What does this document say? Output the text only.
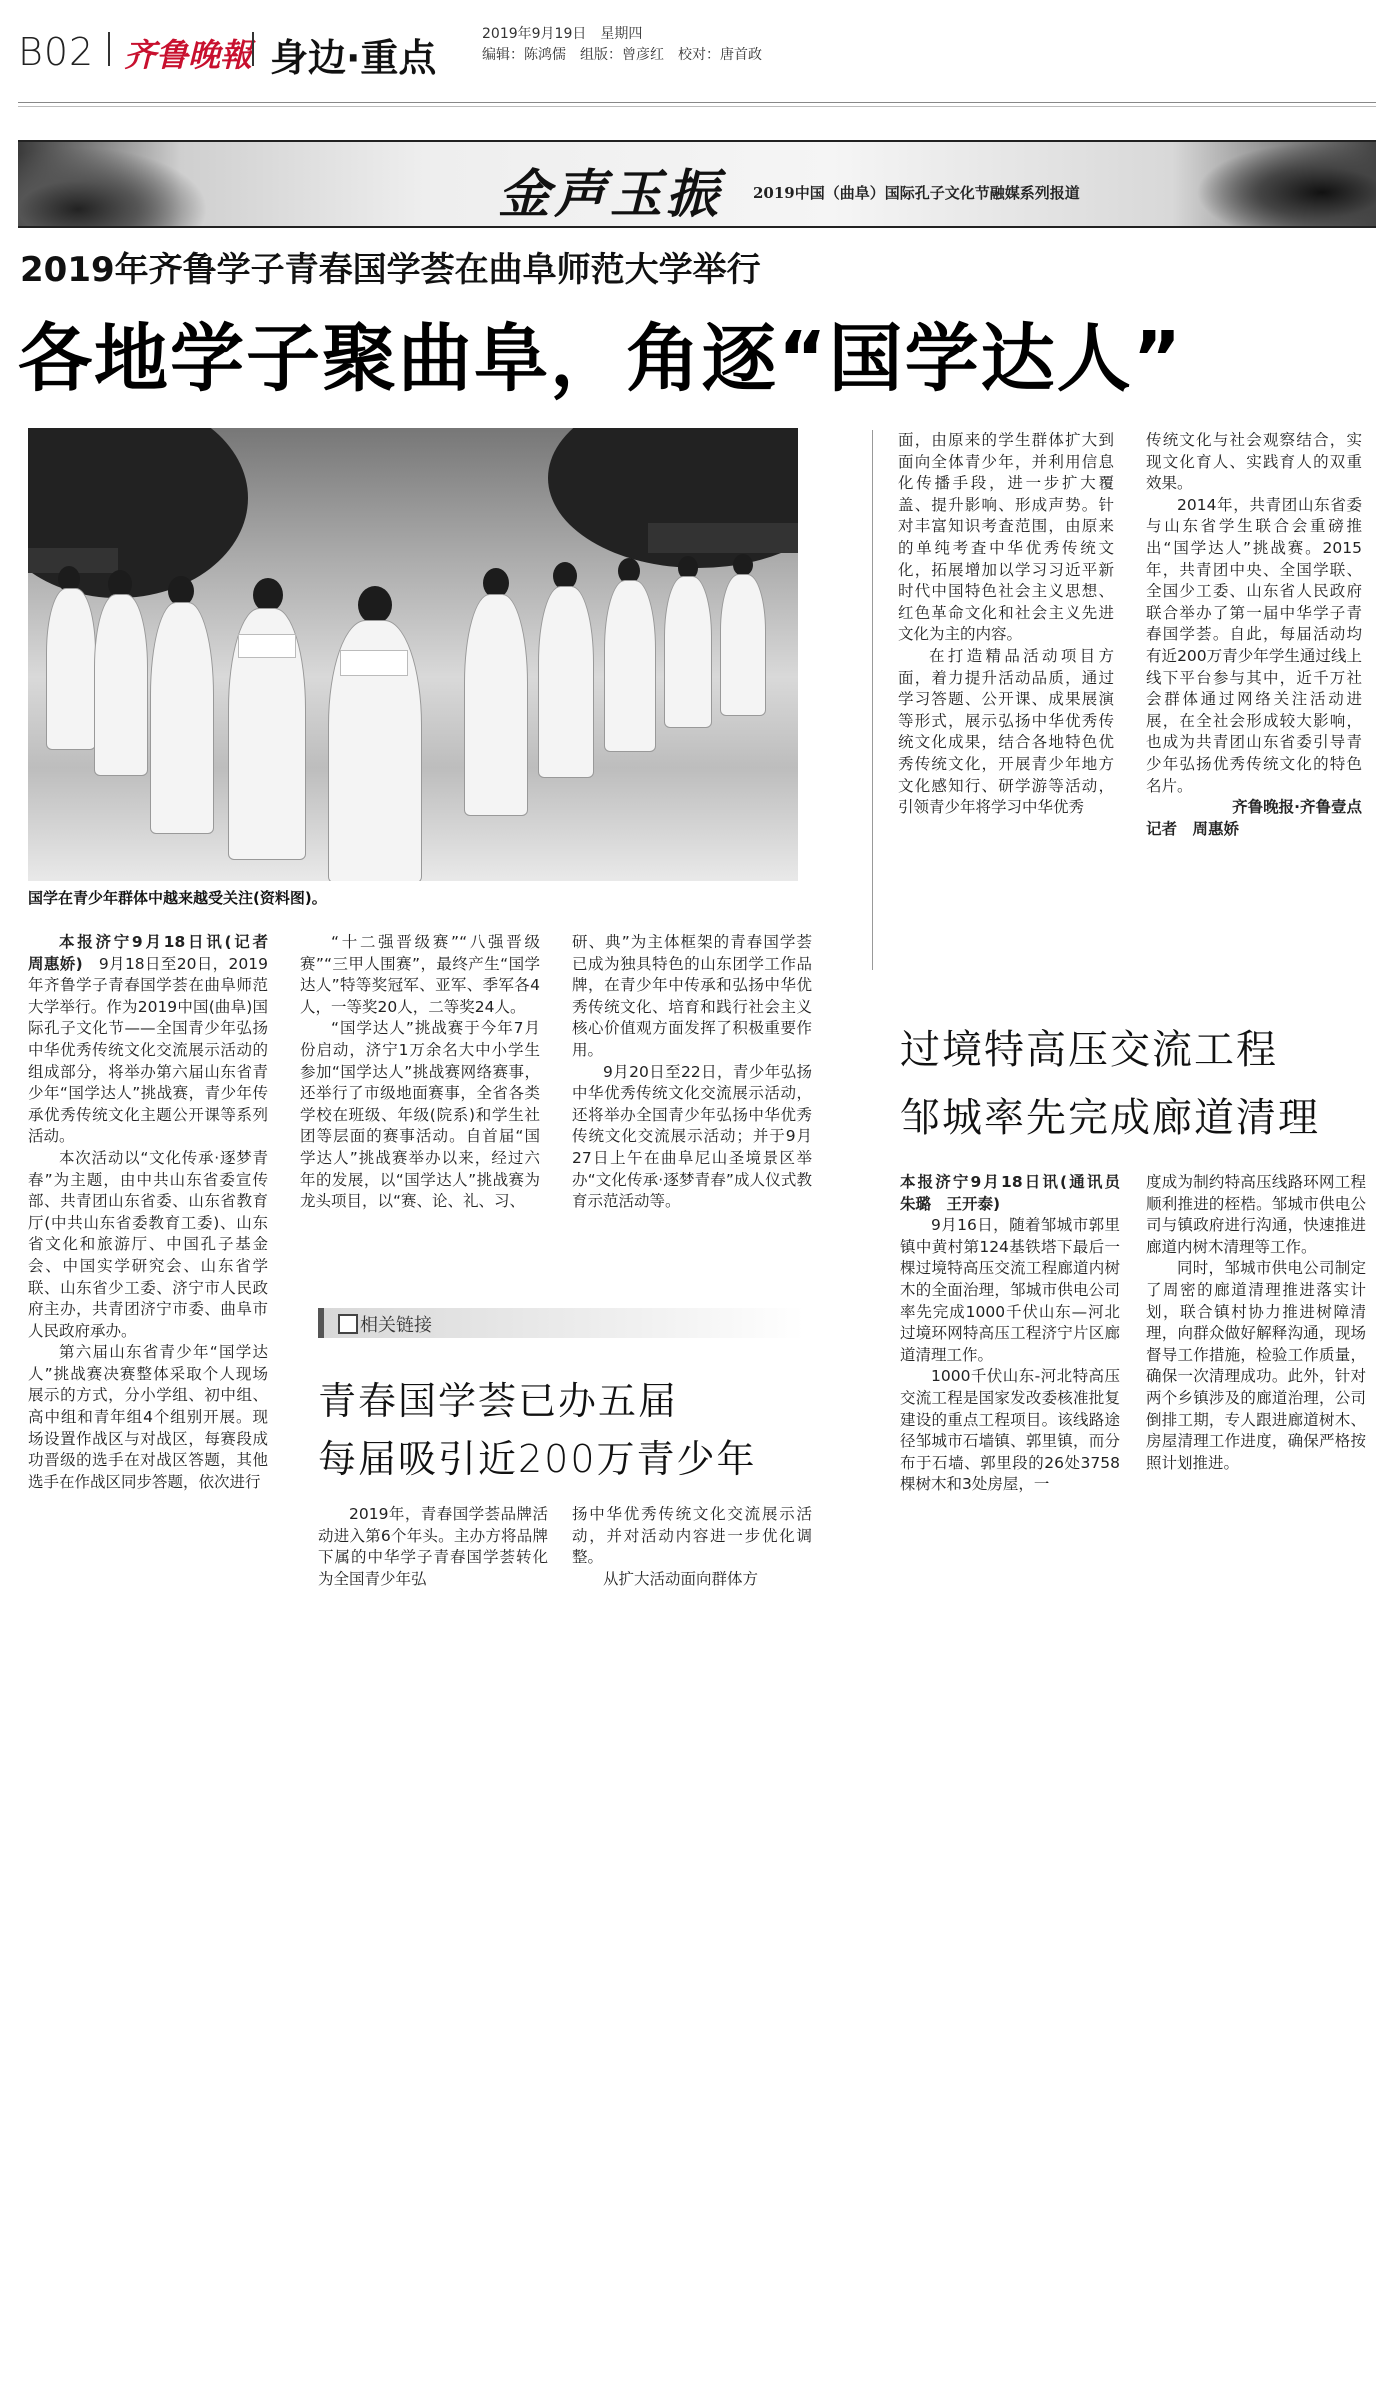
B02 齐鲁晚報 身边·重点
2019年9月19日　星期四
编辑：陈鸿儒　组版：曾彦红　校对：唐首政
金声玉振 2019中国（曲阜）国际孔子文化节融媒系列报道
2019年齐鲁学子青春国学荟在曲阜师范大学举行
各地学子聚曲阜，角逐“国学达人”
国学在青少年群体中越来越受关注(资料图)。

本报济宁9月18日讯(记者　周惠娇)　 9月18日至20日，2019年齐鲁学子青春国学荟在曲阜师范大学举行。作为2019中国(曲阜)国际孔子文化节——全国青少年弘扬中华优秀传统文化交流展示活动的组成部分，将举办第六届山东省青少年“国学达人”挑战赛，青少年传承优秀传统文化主题公开课等系列活动。

本次活动以“文化传承·逐梦青春”为主题，由中共山东省委宣传部、共青团山东省委、山东省教育厅(中共山东省委教育工委)、山东省文化和旅游厅、中国孔子基金会、中国实学研究会、山东省学联、山东省少工委、济宁市人民政府主办，共青团济宁市委、曲阜市人民政府承办。

第六届山东省青少年“国学达人”挑战赛决赛整体采取个人现场展示的方式，分小学组、初中组、高中组和青年组4个组别开展。现场设置作战区与对战区，每赛段成功晋级的选手在对战区答题，其他选手在作战区同步答题，依次进行

“十二强晋级赛”“八强晋级赛”“三甲人围赛”，最终产生“国学达人”特等奖冠军、亚军、季军各4人，一等奖20人，二等奖24人。

“国学达人”挑战赛于今年7月份启动，济宁1万余名大中小学生参加“国学达人”挑战赛网络赛事，还举行了市级地面赛事，全省各类学校在班级、年级(院系)和学生社团等层面的赛事活动。自首届“国学达人”挑战赛举办以来，经过六年的发展，以“国学达人”挑战赛为龙头项目，以“赛、论、礼、习、

研、典”为主体框架的青春国学荟已成为独具特色的山东团学工作品牌，在青少年中传承和弘扬中华优秀传统文化、培育和践行社会主义核心价值观方面发挥了积极重要作用。

9月20日至22日，青少年弘扬中华优秀传统文化交流展示活动，还将举办全国青少年弘扬中华优秀传统文化交流展示活动；并于9月27日上午在曲阜尼山圣境景区举办“文化传承·逐梦青春”成人仪式教育示范活动等。

相关链接
青春国学荟已办五届
每届吸引近200万青少年

2019年，青春国学荟品牌活动进入第6个年头。主办方将品牌下属的中华学子青春国学荟转化为全国青少年弘

扬中华优秀传统文化交流展示活动，并对活动内容进一步优化调整。

从扩大活动面向群体方

面，由原来的学生群体扩大到面向全体青少年，并利用信息化传播手段，进一步扩大覆盖、提升影响、形成声势。针对丰富知识考査范围，由原来的单纯考査中华优秀传统文化，拓展增加以学习习近平新时代中国特色社会主义思想、红色革命文化和社会主义先进文化为主的内容。

在打造精品活动项目方面，着力提升活动品质，通过学习答题、公开课、成果展演等形式，展示弘扬中华优秀传统文化成果，结合各地特色优秀传统文化，开展青少年地方文化感知行、研学游等活动，引领青少年将学习中华优秀

传统文化与社会观察结合，实现文化育人、实践育人的双重效果。

2014年，共青团山东省委与山东省学生联合会重磅推出“国学达人”挑战赛。2015年，共青团中央、全国学联、全国少工委、山东省人民政府联合举办了第一届中华学子青春国学荟。自此，每届活动均有近200万青少年学生通过线上线下平台参与其中，近千万社会群体通过网络关注活动进展，在全社会形成较大影响，也成为共青团山东省委引导青少年弘扬优秀传统文化的特色名片。

齐鲁晚报·齐鲁壹点

记者　周惠娇

过境特高压交流工程
邹城率先完成廊道清理

本报济宁9月18日讯(通讯员　朱璐　王开泰)

9月16日，随着邹城市郭里镇中黄村第124基铁塔下最后一棵过境特高压交流工程廊道内树木的全面治理，邹城市供电公司率先完成1000千伏山东—河北过境环网特高压工程济宁片区廊道清理工作。

1000千伏山东-河北特高压交流工程是国家发改委核准批复建设的重点工程项目。该线路途径邹城市石墙镇、郭里镇，而分布于石墙、郭里段的26处3758棵树木和3处房屋，一

度成为制约特高压线路环网工程顺利推进的桎梏。邹城市供电公司与镇政府进行沟通，快速推进廊道内树木清理等工作。

同时，邹城市供电公司制定了周密的廊道清理推进落实计划，联合镇村协力推进树障清理，向群众做好解释沟通，现场督导工作措施，检验工作质量，确保一次清理成功。此外，针对两个乡镇涉及的廊道治理，公司倒排工期，专人跟进廊道树木、房屋清理工作进度，确保严格按照计划推进。
